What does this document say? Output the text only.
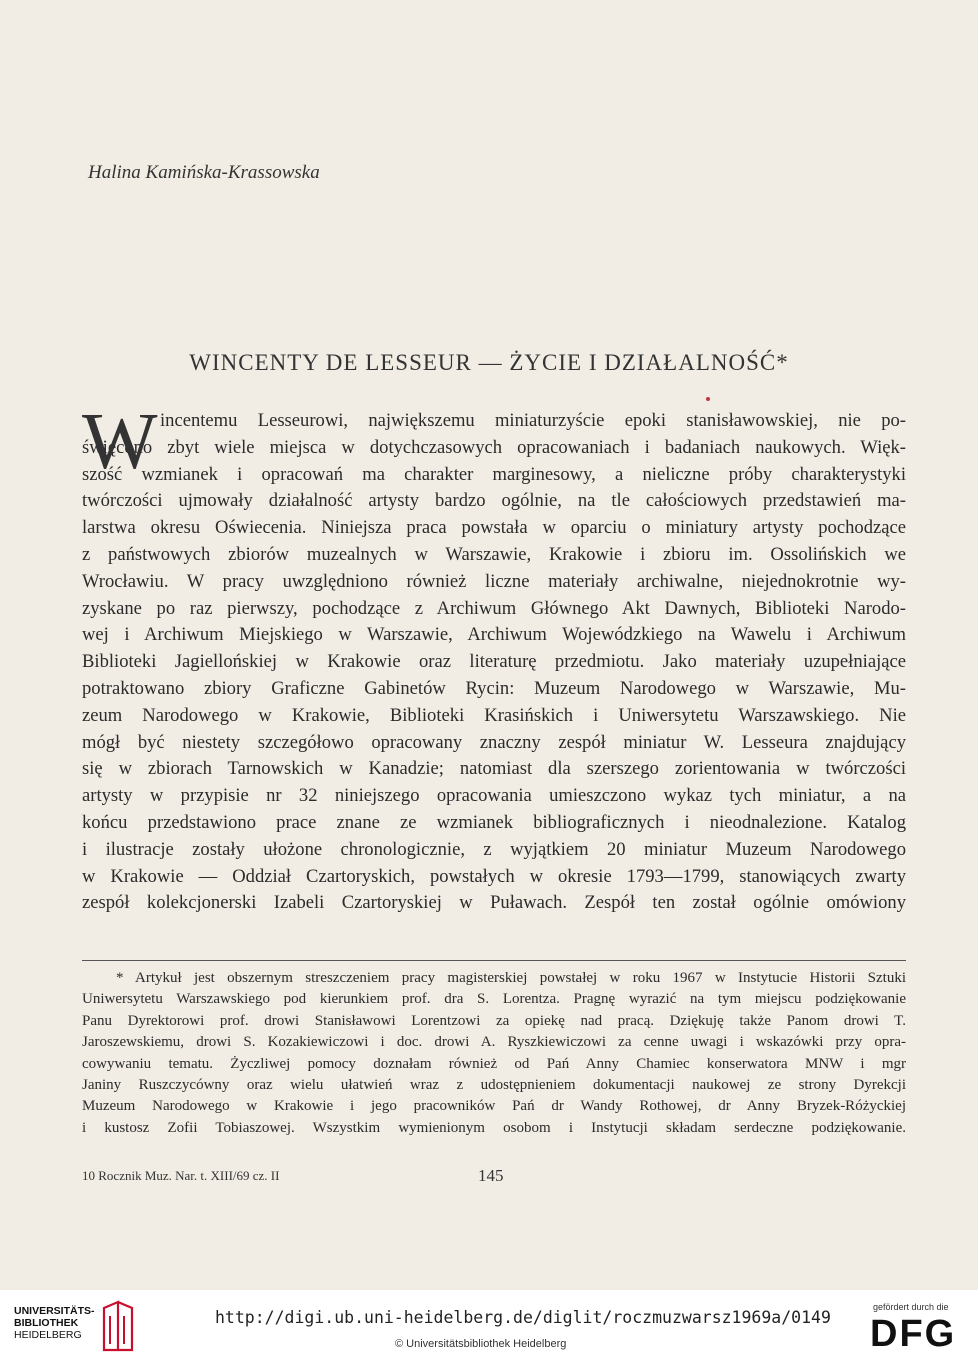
Halina Kamińska-Krassowska
WINCENTY DE LESSEUR — ŻYCIE I DZIAŁALNOŚĆ*
W incentemu Lesseurowi, największemu miniaturzyście epoki stanisławowskiej, nie po-
święcono zbyt wiele miejsca w dotychczasowych opracowaniach i badaniach naukowych. Więk-
szość wzmianek i opracowań ma charakter marginesowy, a nieliczne próby charakterystyki
twórczości ujmowały działalność artysty bardzo ogólnie, na tle całościowych przedstawień ma-
larstwa okresu Oświecenia. Niniejsza praca powstała w oparciu o miniatury artysty pochodzące
z państwowych zbiorów muzealnych w Warszawie, Krakowie i zbioru im. Ossolińskich we
Wrocławiu. W pracy uwzględniono również liczne materiały archiwalne, niejednokrotnie wy-
zyskane po raz pierwszy, pochodzące z Archiwum Głównego Akt Dawnych, Biblioteki Narodo-
wej i Archiwum Miejskiego w Warszawie, Archiwum Wojewódzkiego na Wawelu i Archiwum
Biblioteki Jagiellońskiej w Krakowie oraz literaturę przedmiotu. Jako materiały uzupełniające
potraktowano zbiory Graficzne Gabinetów Rycin: Muzeum Narodowego w Warszawie, Mu-
zeum Narodowego w Krakowie, Biblioteki Krasińskich i Uniwersytetu Warszawskiego. Nie
mógł być niestety szczegółowo opracowany znaczny zespół miniatur W. Lesseura znajdujący
się w zbiorach Tarnowskich w Kanadzie; natomiast dla szerszego zorientowania w twórczości
artysty w przypisie nr 32 niniejszego opracowania umieszczono wykaz tych miniatur, a na
końcu przedstawiono prace znane ze wzmianek bibliograficznych i nieodnalezione. Katalog
i ilustracje zostały ułożone chronologicznie, z wyjątkiem 20 miniatur Muzeum Narodowego
w Krakowie — Oddział Czartoryskich, powstałych w okresie 1793—1799, stanowiących zwarty
zespół kolekcjonerski Izabeli Czartoryskiej w Puławach. Zespół ten został ogólnie omówiony
* Artykuł jest obszernym streszczeniem pracy magisterskiej powstałej w roku 1967 w Instytucie Historii Sztuki
Uniwersytetu Warszawskiego pod kierunkiem prof. dra S. Lorentza. Pragnę wyrazić na tym miejscu podziękowanie
Panu Dyrektorowi prof. drowi Stanisławowi Lorentzowi za opiekę nad pracą. Dziękuję także Panom drowi T.
Jaroszewskiemu, drowi S. Kozakiewiczowi i doc. drowi A. Ryszkiewiczowi za cenne uwagi i wskazówki przy opra-
cowywaniu tematu. Życzliwej pomocy doznałam również od Pań Anny Chamiec konserwatora MNW i mgr
Janiny Ruszczycówny oraz wielu ułatwień wraz z udostępnieniem dokumentacji naukowej ze strony Dyrekcji
Muzeum Narodowego w Krakowie i jego pracowników Pań dr Wandy Rothowej, dr Anny Bryzek-Różyckiej
i kustosz Zofii Tobiaszowej. Wszystkim wymienionym osobom i Instytucji składam serdeczne podziękowanie.
10 Rocznik Muz. Nar. t. XIII/69 cz. II	145
UNIVERSITÄTS-
BIBLIOTHEK
HEIDELBERG
http://digi.ub.uni-heidelberg.de/diglit/roczmuzwarsz1969a/0149
© Universitätsbibliothek Heidelberg
gefördert durch die
DFG
